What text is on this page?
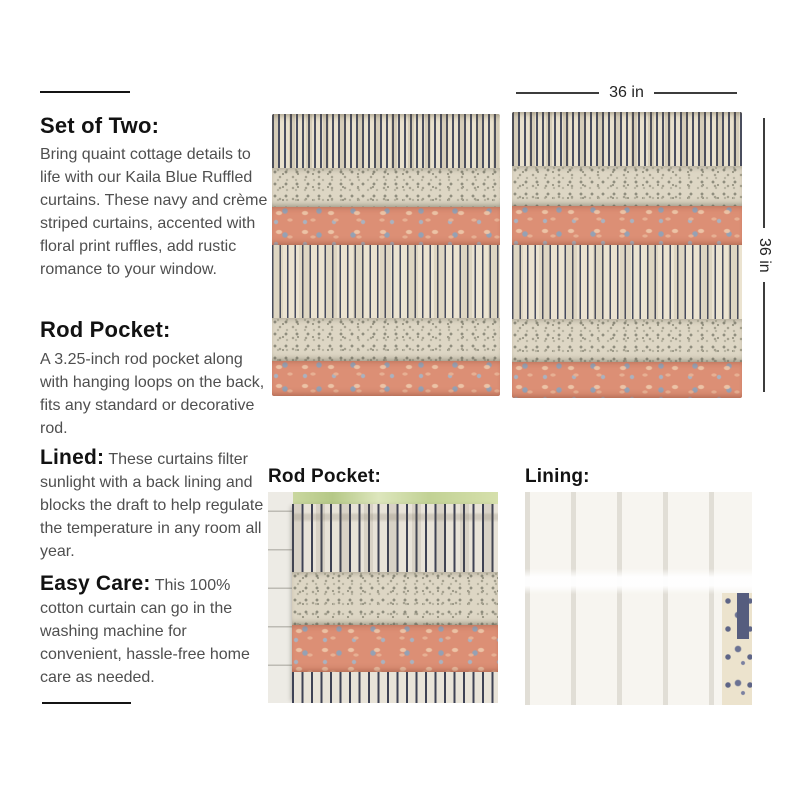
Set of Two:

Bring quaint cottage details to life with our Kaila Blue Ruffled curtains. These navy and crème striped curtains, accented with floral print ruffles, add rustic romance to your window.

Rod Pocket:

A 3.25-inch rod pocket along with hanging loops on the back, fits any standard or decorative rod.

Lined: These curtains filter sunlight with a back lining and blocks the draft to help regulate the temperature in any room all year.

Easy Care: This 100% cotton curtain can go in the washing machine for convenient, hassle-free home care as needed.

36 in
36 in
Rod Pocket:	Lining:
